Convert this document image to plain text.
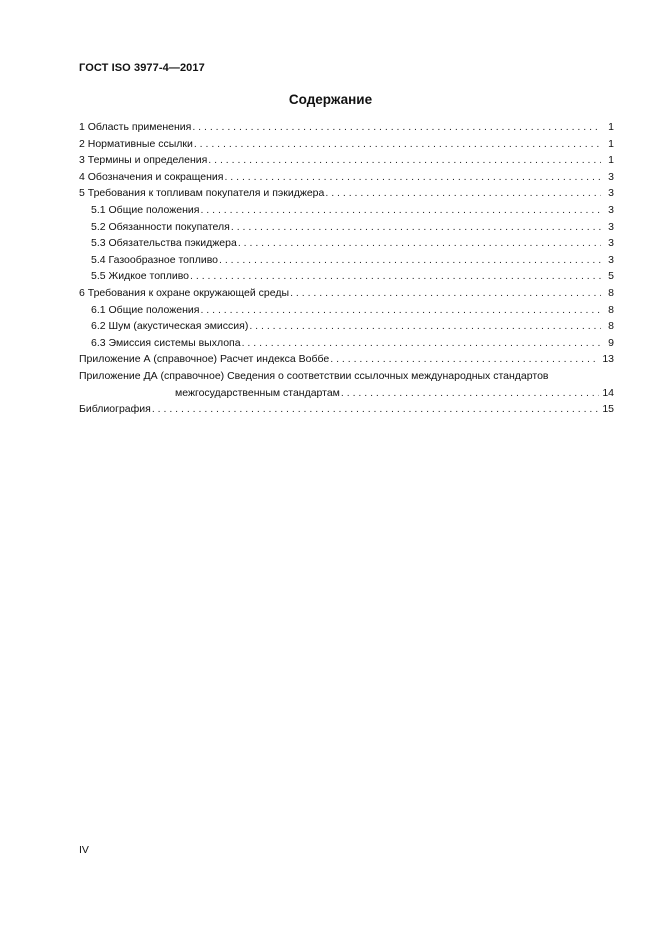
ГОСТ ISO 3977-4—2017
Содержание
1 Область применения . . .	1
2 Нормативные ссылки . . .	1
3 Термины и определения . . .	1
4 Обозначения и сокращения . . .	3
5 Требования к топливам покупателя и пэкиджера . . .	3
5.1 Общие положения . . .	3
5.2 Обязанности покупателя . . .	3
5.3 Обязательства пэкиджера . . .	3
5.4 Газообразное топливо . . .	3
5.5 Жидкое топливо . . .	5
6 Требования к охране окружающей среды . . .	8
6.1 Общие положения . . .	8
6.2 Шум (акустическая эмиссия) . . .	8
6.3 Эмиссия системы выхлопа . . .	9
Приложение А (справочное) Расчет индекса Воббе . . .	13
Приложение ДА (справочное) Сведения о соответствии ссылочных международных стандартов
межгосударственным стандартам . . .	14
Библиография . . .	15
IV
